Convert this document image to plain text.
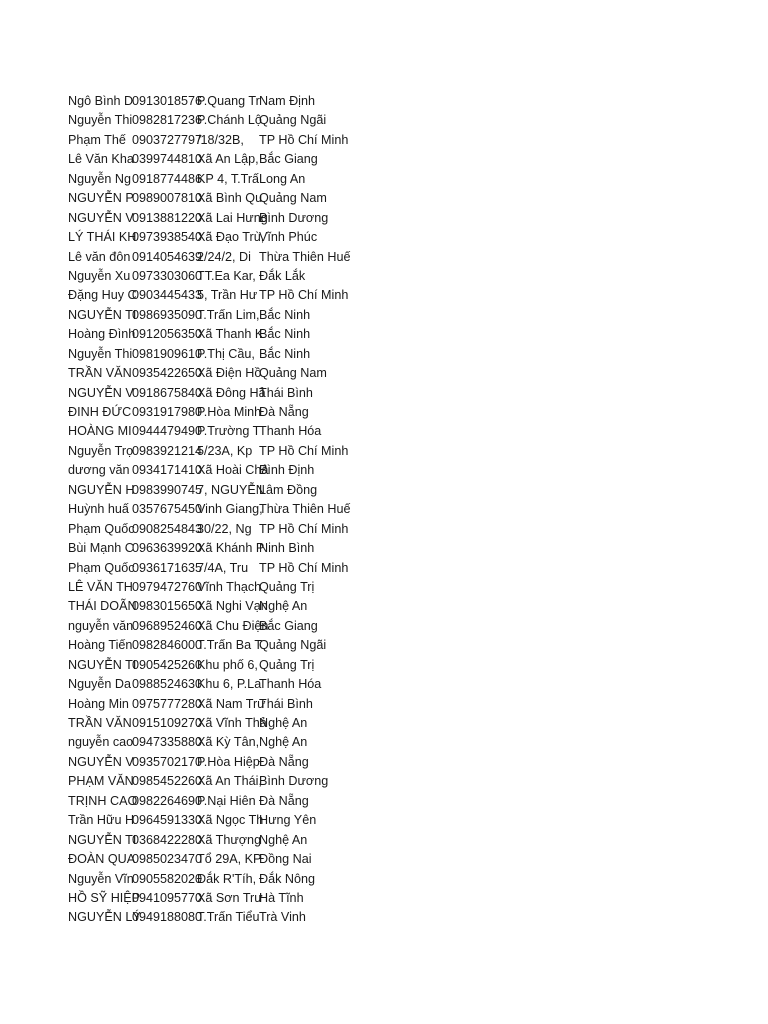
Ngô Bình D
0913018576
P.Quang Tr Nam Định
Nguyễn Thi 0982817236
P.Chánh Lộ
Quảng Ngãi
Phạm Thế 0903727797
/18/32B,	TP Hồ Chí Minh
Lê Văn Kha
0399744810
Xã An Lập, Bắc Giang
Nguyễn Ng 0918774486
KP 4, T.Trấ Long An
NGUYỄN P
0989007810
Xã Bình Qu
Quảng Nam
NGUYỄN V
0913881220
Xã Lai Hưng
Bình Dương
LÝ THÁI KH
0973938540
Xã Đạo Trù,
Vĩnh Phúc
Lê văn đôn 0914054639
2/24/2, Di Thừa Thiên Huế
Nguyễn Xu 0973303060
TT.Ea Kar, Đắk Lắk
Đặng Huy C
0903445433
5, Trần Hư TP Hồ Chí Minh
NGUYỄN TI
0986935090
T.Trấn Lim, Bắc Ninh
Hoàng Đình
0912056350
Xã Thanh K
Bắc Ninh
Nguyễn Thi 0981909610
P.Thị Cầu, Bắc Ninh
TRẦN VĂN 0935422650
Xã Điện Hồ
Quảng Nam
NGUYỄN V
0918675840
Xã Đông Hả
Thái Bình
ĐINH ĐỨC 0931917980
P.Hòa Minh
Đà Nẵng
HOÀNG MI 0944479490
P.Trường T
Thanh Hóa
Nguyễn Trọ
0983921214
5/23A, Kp TP Hồ Chí Minh
dương văn 0934171410
Xã Hoài Châ
Bình Định
NGUYỄN H
0983990745
7, NGUYỄN
Lâm Đồng
Huỳnh huấ 0357675450
Vinh Giang,
Thừa Thiên Huế
Phạm Quốc
0908254843
30/22, Ng TP Hồ Chí Minh
Bùi Mạnh C
0963639920
Xã Khánh P
Ninh Bình
Phạm Quốc
0936171635
7/4A, Tru TP Hồ Chí Minh
LÊ VĂN TH 0979472760
Vĩnh Thạch
Quảng Trị
THÁI DOÃN
0983015650
Xã Nghi Vạn
Nghệ An
nguyễn văn
0968952460
Xã Chu Điện
Bắc Giang
Hoàng Tiến 0982846000
T.Trấn Ba T
Quảng Ngãi
NGUYỄN TI
0905425260
Khu phố 6, Quảng Trị
Nguyễn Da 0988524630
Khu 6, P.La
Thanh Hóa
Hoàng Min 0975777280
Xã Nam Trư
Thái Bình
TRẦN VĂN 0915109270
Xã Vĩnh Thả
Nghệ An
nguyễn cao
0947335880
Xã Kỳ Tân, Nghệ An
NGUYỄN V
0935702170
P.Hòa Hiệp Đà Nẵng
PHẠM VĂN
0985452260
Xã An Thái,
Bình Dương
TRỊNH CAO
0982264690
P.Nại Hiên Đà Nẵng
Trần Hữu H
0964591330
Xã Ngọc Th
Hưng Yên
NGUYỄN TI
0368422280
Xã Thượng
Nghệ An
ĐOÀN QUA
0985023470
Tổ 29A, KP
Đồng Nai
Nguyễn Vĩn
0905582020
Đắk R'Tíh, Đắk Nông
HỒ SỸ HIỆP
0941095770
Xã Sơn Trư
Hà Tĩnh
NGUYỄN LÝ
0949188080
T.Trấn Tiểu Trà Vinh
